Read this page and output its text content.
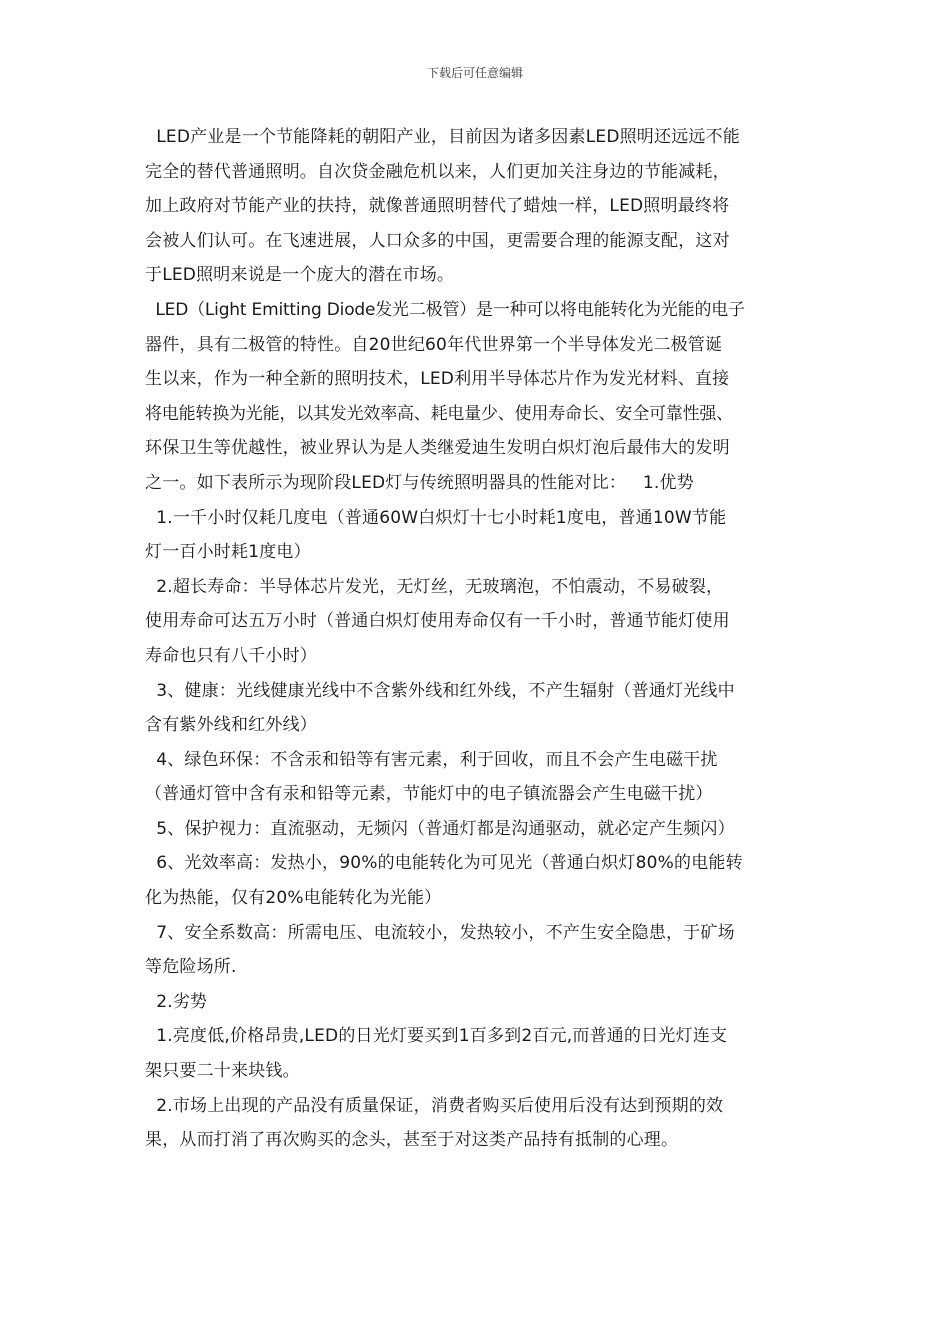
下载后可任意编辑
LED产业是一个节能降耗的朝阳产业，目前因为诸多因素LED照明还远远不能
完全的替代普通照明。自次贷金融危机以来，人们更加关注身边的节能减耗，
加上政府对节能产业的扶持，就像普通照明替代了蜡烛一样，LED照明最终将
会被人们认可。在飞速进展，人口众多的中国，更需要合理的能源支配，这对
于LED照明来说是一个庞大的潜在市场。
LED（Light Emitting Diode发光二极管）是一种可以将电能转化为光能的电子
器件，具有二极管的特性。自20世纪60年代世界第一个半导体发光二极管诞
生以来，作为一种全新的照明技术，LED利用半导体芯片作为发光材料、直接
将电能转换为光能，以其发光效率高、耗电量少、使用寿命长、安全可靠性强、
环保卫生等优越性，被业界认为是人类继爱迪生发明白炽灯泡后最伟大的发明
之一。如下表所示为现阶段LED灯与传统照明器具的性能对比：   1.优势
1.一千小时仅耗几度电（普通60W白炽灯十七小时耗1度电，普通10W节能
灯一百小时耗1度电）
2.超长寿命：半导体芯片发光，无灯丝，无玻璃泡，不怕震动，不易破裂，
使用寿命可达五万小时（普通白炽灯使用寿命仅有一千小时，普通节能灯使用
寿命也只有八千小时）
3、健康：光线健康光线中不含紫外线和红外线，不产生辐射（普通灯光线中
含有紫外线和红外线）
4、绿色环保：不含汞和铅等有害元素，利于回收，而且不会产生电磁干扰
（普通灯管中含有汞和铅等元素，节能灯中的电子镇流器会产生电磁干扰）
5、保护视力：直流驱动，无频闪（普通灯都是沟通驱动，就必定产生频闪）
6、光效率高：发热小，90%的电能转化为可见光（普通白炽灯80%的电能转
化为热能，仅有20%电能转化为光能）
7、安全系数高：所需电压、电流较小，发热较小，不产生安全隐患，于矿场
等危险场所.
2.劣势
1.亮度低,价格昂贵,LED的日光灯要买到1百多到2百元,而普通的日光灯连支
架只要二十来块钱。
2.市场上出现的产品没有质量保证，消费者购买后使用后没有达到预期的效
果，从而打消了再次购买的念头，甚至于对这类产品持有抵制的心理。
